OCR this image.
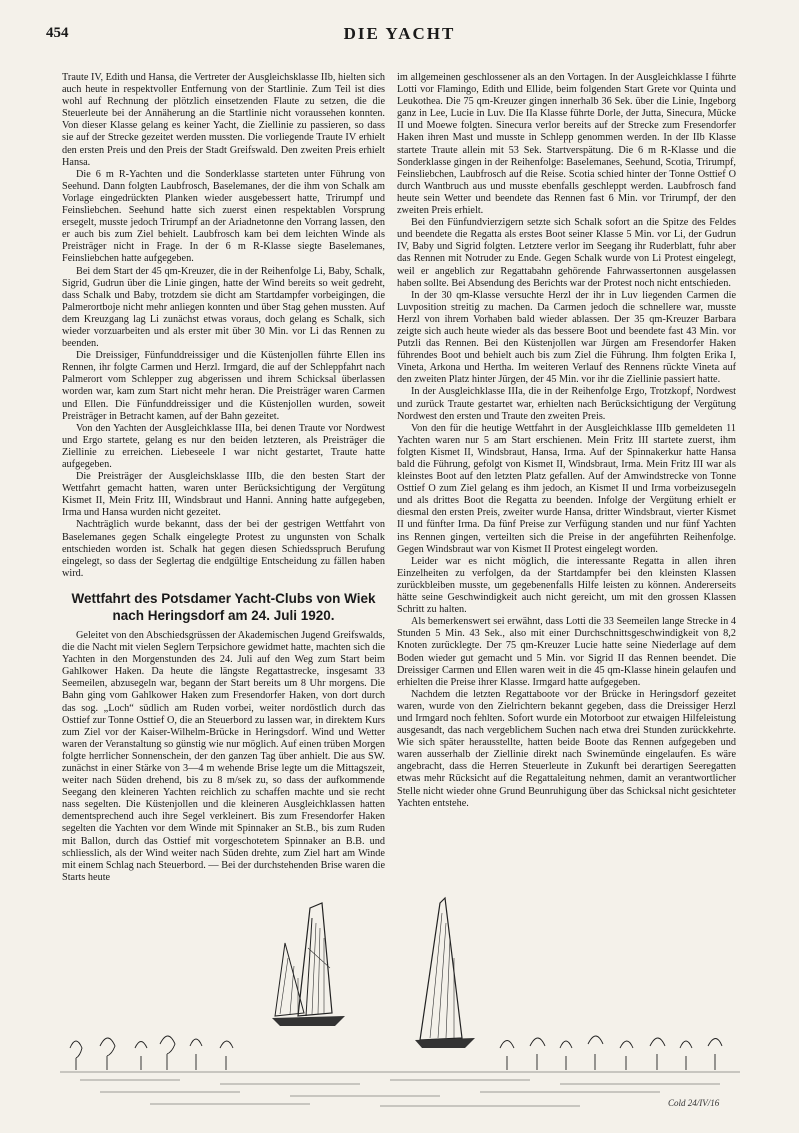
454	DIE YACHT

Traute IV, Edith und Hansa, die Vertreter der Ausgleichsklasse IIb, hielten sich auch heute in respektvoller Entfernung von der Startlinie. Zum Teil ist dies wohl auf Rechnung der plötzlich einsetzenden Flaute zu setzen, die die Steuerleute bei der Annäherung an die Startlinie nicht voraussehen konnten. Von dieser Klasse gelang es keiner Yacht, die Ziellinie zu passieren, so dass sie auf der Strecke gezeitet werden mussten. Die vorliegende Traute IV erhielt den ersten Preis und den Preis der Stadt Greifswald. Den zweiten Preis erhielt Hansa.

Die 6 m R-Yachten und die Sonderklasse starteten unter Führung von Seehund. Dann folgten Laubfrosch, Baselemanes, der die ihm von Schalk am Vorlage eingedrückten Planken wieder ausgebessert hatte, Trirumpf und Feinsliebchen. Seehund hatte sich zuerst einen respektablen Vorsprung ersegelt, musste jedoch Trirumpf an der Ariadnetonne den Vorrang lassen, den er auch bis zum Ziel behielt. Laubfrosch kam bei dem leichten Winde als Preisträger nicht in Frage. In der 6 m R-Klasse siegte Baselemanes, Feinsliebchen hatte aufgegeben.

Bei dem Start der 45 qm-Kreuzer, die in der Reihenfolge Li, Baby, Schalk, Sigrid, Gudrun über die Linie gingen, hatte der Wind bereits so weit gedreht, dass Schalk und Baby, trotzdem sie dicht am Startdampfer vorbeigingen, die Palmerortboje nicht mehr anliegen konnten und über Stag gehen mussten. Auf dem Kreuzgang lag Li zunächst etwas voraus, doch gelang es Schalk, sich wieder vorzuarbeiten und als erster mit über 30 Min. vor Li das Rennen zu beenden.

Die Dreissiger, Fünfunddreissiger und die Küstenjollen führte Ellen ins Rennen, ihr folgte Carmen und Herzl. Irmgard, die auf der Schleppfahrt nach Palmerort vom Schlepper zug abgerissen und ihrem Schicksal überlassen worden war, kam zum Start nicht mehr heran. Die Preisträger waren Carmen und Ellen. Die Fünfunddreissiger und die Küstenjollen wurden, soweit Preisträger in Betracht kamen, auf der Bahn gezeitet.

Von den Yachten der Ausgleichklasse IIIa, bei denen Traute vor Nordwest und Ergo startete, gelang es nur den beiden letzteren, als Preisträger die Ziellinie zu erreichen. Liebeseele I war nicht gestartet, Traute hatte aufgegeben.

Die Preisträger der Ausgleichsklasse IIIb, die den besten Start der Wettfahrt gemacht hatten, waren unter Berücksichtigung der Vergütung Kismet II, Mein Fritz III, Windsbraut und Hanni. Anning hatte aufgegeben, Irma und Hansa wurden nicht gezeitet.

Nachträglich wurde bekannt, dass der bei der gestrigen Wettfahrt von Baselemanes gegen Schalk eingelegte Protest zu ungunsten von Schalk entschieden worden ist. Schalk hat gegen diesen Schiedsspruch Berufung eingelegt, so dass der Seglertag die endgültige Entscheidung zu fällen haben wird.

Wettfahrt des Potsdamer Yacht-Clubs von Wiek nach Heringsdorf am 24. Juli 1920.

Geleitet von den Abschiedsgrüssen der Akademischen Jugend Greifswalds, die die Nacht mit vielen Seglern Terpsichore gewidmet hatte, machten sich die Yachten in den Morgenstunden des 24. Juli auf den Weg zum Start beim Gahlkower Haken. Da heute die längste Regattastrecke, insgesamt 33 Seemeilen, abzusegeln war, begann der Start bereits um 8 Uhr morgens. Die Bahn ging vom Gahlkower Haken zum Fresendorfer Haken, von dort durch das sog. „Loch“ südlich am Ruden vorbei, weiter nordöstlich durch das Osttief zur Tonne Osttief O, die an Steuerbord zu lassen war, in direktem Kurs zum Ziel vor der Kaiser-Wilhelm-Brücke in Heringsdorf. Wind und Wetter waren der Veranstaltung so günstig wie nur möglich. Auf einen trüben Morgen folgte herrlicher Sonnenschein, der den ganzen Tag über anhielt. Die aus SW. zunächst in einer Stärke von 3—4 m wehende Brise legte um die Mittagszeit, weiter nach Süden drehend, bis zu 8 m/sek zu, so dass der aufkommende Seegang den kleineren Yachten reichlich zu schaffen machte und sie recht nass segelten. Die Küstenjollen und die kleineren Ausgleichklassen hatten dementsprechend auch ihre Segel verkleinert. Bis zum Fresendorfer Haken segelten die Yachten vor dem Winde mit Spinnaker an St.B., bis zum Ruden mit Ballon, durch das Osttief mit vorgeschotetem Spinnaker an B.B. und schliesslich, als der Wind weiter nach Süden drehte, zum Ziel hart am Winde mit einem Schlag nach Steuerbord. — Bei der durchstehenden Brise waren die Starts heute

im allgemeinen geschlossener als an den Vortagen. In der Ausgleichklasse I führte Lotti vor Flamingo, Edith und Ellide, beim folgenden Start Grete vor Quinta und Leukothea. Die 75 qm-Kreuzer gingen innerhalb 36 Sek. über die Linie, Ingeborg ganz in Lee, Lucie in Luv. Die IIa Klasse führte Dorle, der Jutta, Sinecura, Mücke II und Moewe folgten. Sinecura verlor bereits auf der Strecke zum Fresendorfer Haken ihren Mast und musste in Schlepp genommen werden. In der IIb Klasse startete Traute allein mit 53 Sek. Startverspätung. Die 6 m R-Klasse und die Sonderklasse gingen in der Reihenfolge: Baselemanes, Seehund, Scotia, Trirumpf, Feinsliebchen, Laubfrosch auf die Reise. Scotia schied hinter der Tonne Osttief O durch Wantbruch aus und musste ebenfalls geschleppt werden. Laubfrosch fand heute sein Wetter und beendete das Rennen fast 6 Min. vor Trirumpf, der den zweiten Preis erhielt.

Bei den Fünfundvierzigern setzte sich Schalk sofort an die Spitze des Feldes und beendete die Regatta als erstes Boot seiner Klasse 5 Min. vor Li, der Gudrun IV, Baby und Sigrid folgten. Letztere verlor im Seegang ihr Ruderblatt, fuhr aber das Rennen mit Notruder zu Ende. Gegen Schalk wurde von Li Protest eingelegt, weil er angeblich zur Regattabahn gehörende Fahrwassertonnen ausgelassen haben sollte. Bei Absendung des Berichts war der Protest noch nicht entschieden.

In der 30 qm-Klasse versuchte Herzl der ihr in Luv liegenden Carmen die Luvposition streitig zu machen. Da Carmen jedoch die schnellere war, musste Herzl von ihrem Vorhaben bald wieder ablassen. Der 35 qm-Kreuzer Barbara zeigte sich auch heute wieder als das bessere Boot und beendete fast 43 Min. vor Putzli das Rennen. Bei den Küstenjollen war Jürgen am Fresendorfer Haken führendes Boot und behielt auch bis zum Ziel die Führung. Ihm folgten Erika I, Vineta, Arkona und Hertha. Im weiteren Verlauf des Rennens rückte Vineta auf den zweiten Platz hinter Jürgen, der 45 Min. vor ihr die Ziellinie passiert hatte.

In der Ausgleichklasse IIIa, die in der Reihenfolge Ergo, Trotzkopf, Nordwest und zurück Traute gestartet war, erhielten nach Berücksichtigung der Vergütung Nordwest den ersten und Traute den zweiten Preis.

Von den für die heutige Wettfahrt in der Ausgleichklasse IIIb gemeldeten 11 Yachten waren nur 5 am Start erschienen. Mein Fritz III startete zuerst, ihm folgten Kismet II, Windsbraut, Hansa, Irma. Auf der Spinnakerkur hatte Hansa bald die Führung, gefolgt von Kismet II, Windsbraut, Irma. Mein Fritz III war als kleinstes Boot auf den letzten Platz gefallen. Auf der Amwindstrecke von Tonne Osttief O zum Ziel gelang es ihm jedoch, an Kismet II und Irma vorbeizusegeln und als drittes Boot die Regatta zu beenden. Infolge der Vergütung erhielt er diesmal den ersten Preis, zweiter wurde Hansa, dritter Windsbraut, vierter Kismet II und fünfter Irma. Da fünf Preise zur Verfügung standen und nur fünf Yachten ins Rennen gingen, verteilten sich die Preise in der angeführten Reihenfolge. Gegen Windsbraut war von Kismet II Protest eingelegt worden.

Leider war es nicht möglich, die interessante Regatta in allen ihren Einzelheiten zu verfolgen, da der Startdampfer bei den kleinsten Klassen zurückbleiben musste, um gegebenenfalls Hilfe leisten zu können. Andererseits hätte seine Geschwindigkeit auch nicht gereicht, um mit den grossen Klassen Schritt zu halten.

Als bemerkenswert sei erwähnt, dass Lotti die 33 Seemeilen lange Strecke in 4 Stunden 5 Min. 43 Sek., also mit einer Durchschnittsgeschwindigkeit von 8,2 Knoten zurücklegte. Der 75 qm-Kreuzer Lucie hatte seine Niederlage auf dem Boden wieder gut gemacht und 5 Min. vor Sigrid II das Rennen beendet. Die Dreissiger Carmen und Ellen waren weit in die 45 qm-Klasse hinein gelaufen und erhielten die Preise ihrer Klasse. Irmgard hatte aufgegeben.

Nachdem die letzten Regattaboote vor der Brücke in Heringsdorf gezeitet waren, wurde von den Zielrichtern bekannt gegeben, dass die Dreissiger Herzl und Irmgard noch fehlten. Sofort wurde ein Motorboot zur etwaigen Hilfeleistung ausgesandt, das nach vergeblichem Suchen nach etwa drei Stunden zurückkehrte. Wie sich später herausstellte, hatten beide Boote das Rennen aufgegeben und waren ausserhalb der Ziellinie direkt nach Swinemünde eingelaufen. Es wäre angebracht, dass die Herren Steuerleute in Zukunft bei derartigen Seeregatten etwas mehr Rücksicht auf die Regattaleitung nehmen, damit an verantwortlicher Stelle nicht wieder ohne Grund Beunruhigung über das Schicksal nicht gesichteter Yachten entstehe.

Cold 24/IV/16
